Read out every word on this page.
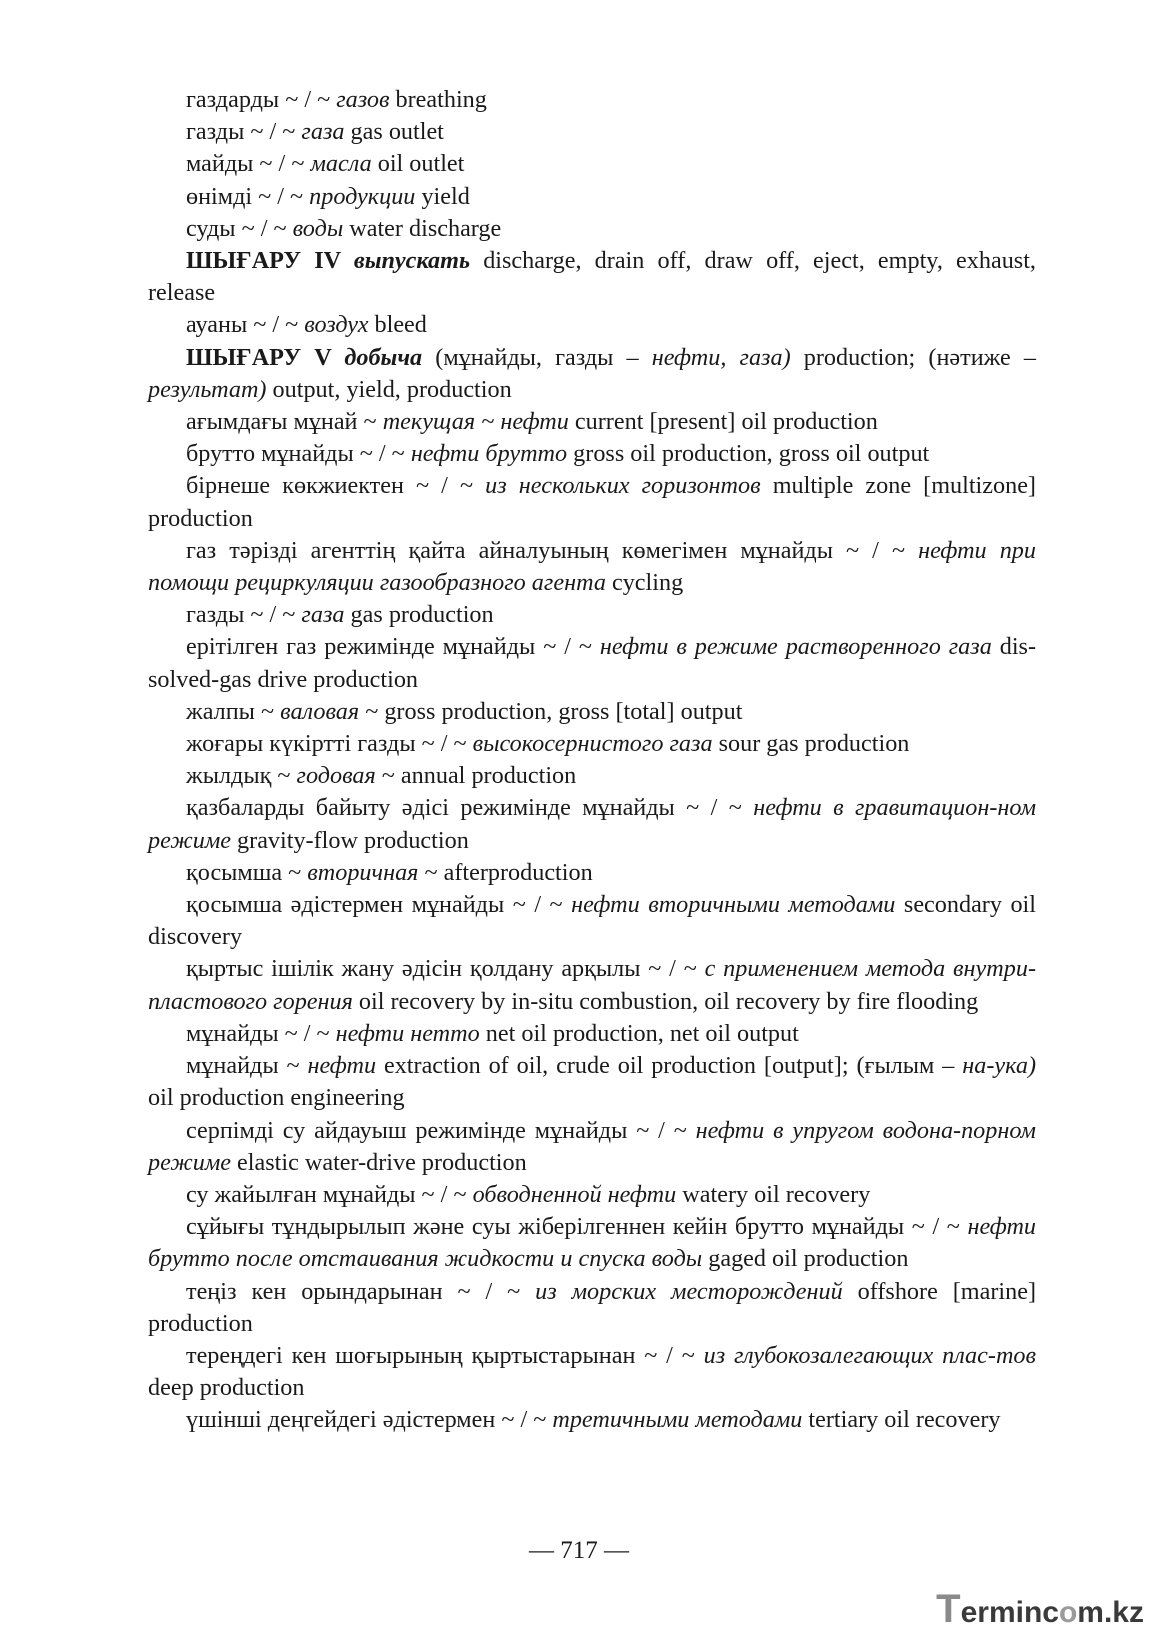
газдарды ~ / ~ газов breathing

газды ~ / ~ газа gas outlet

майды ~ / ~ масла oil outlet

өнімді ~ / ~ продукции yield

суды ~ / ~ воды water discharge

ШЫҒАРУ IV выпускать discharge, drain off, draw off, eject, empty, exhaust, release

ауаны ~ / ~ воздух bleed

ШЫҒАРУ V добыча (мұнайды, газды – нефти, газа) production; (нәтиже – результат) output, yield, production

ағымдағы мұнай ~ текущая ~ нефти current [present] oil production

брутто мұнайды ~ / ~ нефти брутто gross oil production, gross oil output

бірнеше көкжиектен ~ / ~ из нескольких горизонтов multiple zone [multizone] production

газ тәрізді агенттің қайта айналуының көмегімен мұнайды ~ / ~ нефти при помощи рециркуляции газообразного агента cycling

газды ~ / ~ газа gas production

ерітілген газ режимінде мұнайды ~ / ~ нефти в режиме растворенного газа dis-solved-gas drive production

жалпы ~ валовая ~ gross production, gross [total] output

жоғары күкіртті газды ~ / ~ высокосернистого газа sour gas production

жылдық ~ годовая ~ annual production

қазбаларды байыту әдісі режимінде мұнайды ~ / ~ нефти в гравитацион-ном режиме gravity-flow production

қосымша ~ вторичная ~ afterproduction

қосымша әдістермен мұнайды ~ / ~ нефти вторичными методами secondary oil discovery

қыртыс ішілік жану әдісін қолдану арқылы ~ / ~ с применением метода внутри-пластового горения oil recovery by in-situ combustion, oil recovery by fire flooding

мұнайды ~ / ~ нефти нетто net oil production, net oil output

мұнайды ~ нефти extraction of oil, crude oil production [output]; (ғылым – на-ука) oil production engineering

серпімді су айдауыш режимінде мұнайды ~ / ~ нефти в упругом водона-порном режиме elastic water-drive production

су жайылған мұнайды ~ / ~ обводненной нефти watery oil recovery

сұйығы тұндырылып және суы жіберілгеннен кейін брутто мұнайды ~ / ~ нефти брутто после отстаивания жидкости и спуска воды gaged oil production

теңіз кен орындарынан ~ / ~ из морских месторождений offshore [marine] production

тереңдегі кен шоғырының қыртыстарынан ~ / ~ из глубокозалегающих плас-тов deep production

үшінші деңгейдегі әдістермен ~ / ~ третичными методами tertiary oil recovery

— 717 —
Termincоm.kz
